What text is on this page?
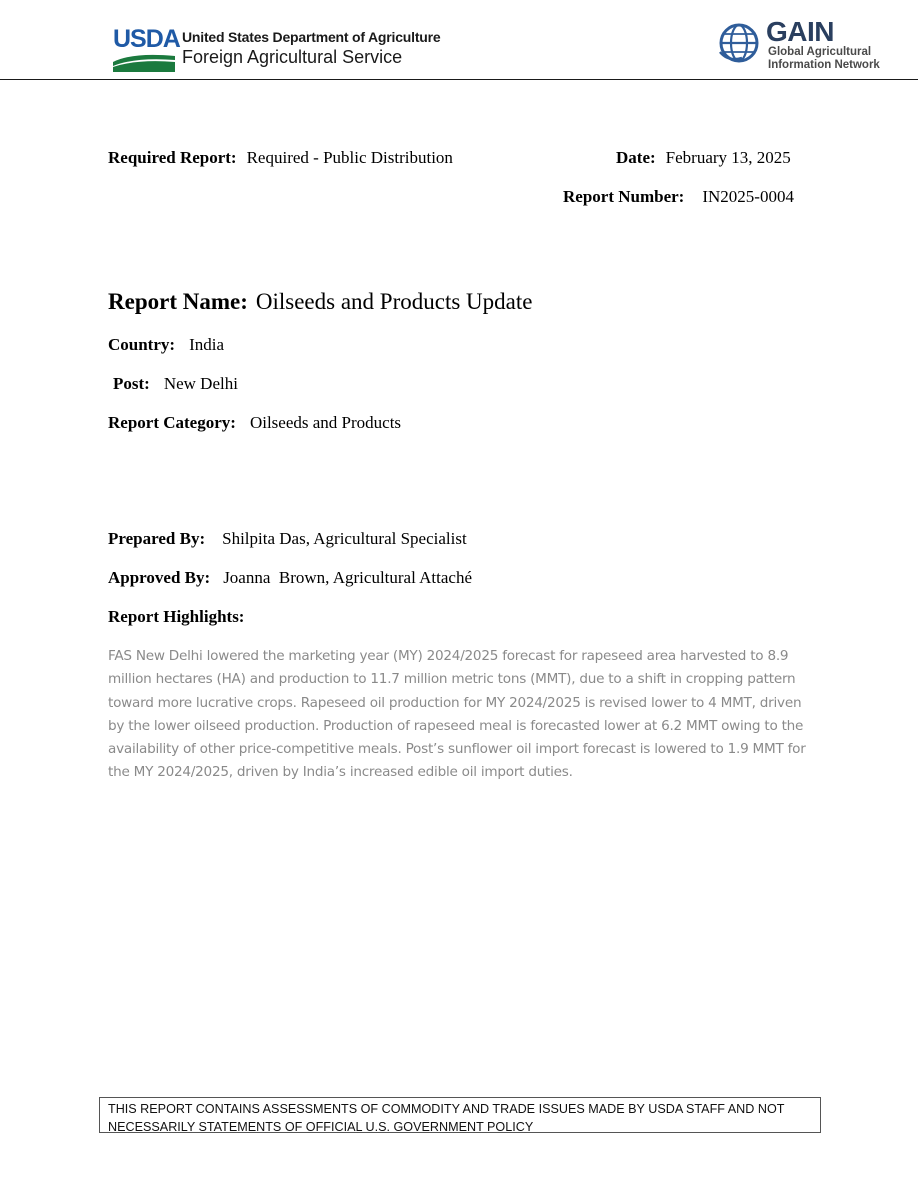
USDA United States Department of Agriculture
Foreign Agricultural Service
GAIN
Global Agricultural
Information Network
Required Report: Required - Public Distribution	Date: February 13, 2025
Report Number: IN2025-0004
Report Name: Oilseeds and Products Update
Country: India
Post: New Delhi
Report Category: Oilseeds and Products
Prepared By: Shilpita Das, Agricultural Specialist
Approved By: Joanna  Brown, Agricultural Attaché
Report Highlights:
FAS New Delhi lowered the marketing year (MY) 2024/2025 forecast for rapeseed area harvested to 8.9 million hectares (HA) and production to 11.7 million metric tons (MMT), due to a shift in cropping pattern toward more lucrative crops. Rapeseed oil production for MY 2024/2025 is revised lower to 4 MMT, driven by the lower oilseed production. Production of rapeseed meal is forecasted lower at 6.2 MMT owing to the availability of other price-competitive meals. Post’s sunflower oil import forecast is lowered to 1.9 MMT for the MY 2024/2025, driven by India’s increased edible oil import duties.
THIS REPORT CONTAINS ASSESSMENTS OF COMMODITY AND TRADE ISSUES MADE BY USDA STAFF AND NOT NECESSARILY STATEMENTS OF OFFICIAL U.S. GOVERNMENT POLICY
